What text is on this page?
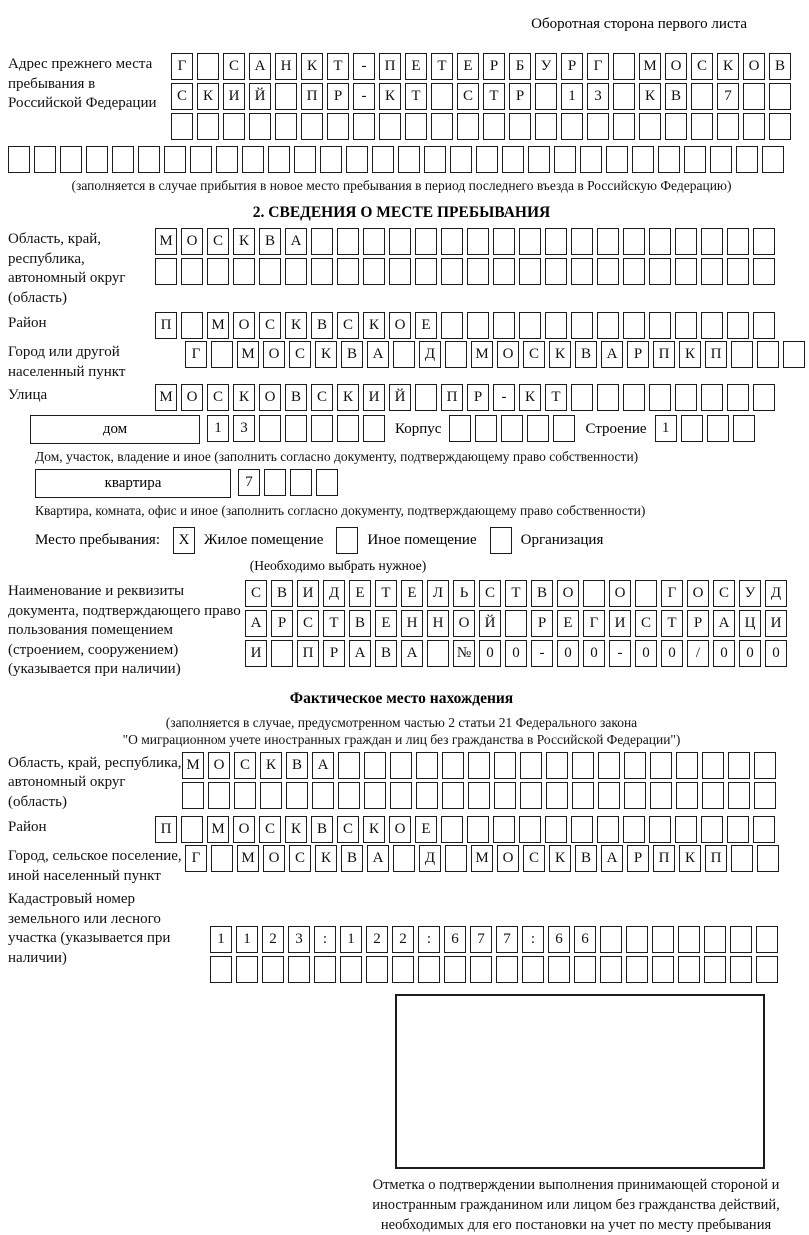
Оборотная сторона первого листа
Адрес прежнего места пребывания в Российской Федерации
Г	С	А	Н	К	Т	-	П	Е	Т	Е	Р	Б	У	Р	Г	М О	С	К	О	В
С	К	И	Й	П	Р	-	К	Т	С	Т	Р	1	3	К	В	7
(заполняется в случае прибытия в новое место пребывания в период последнего въезда в Российскую Федерацию)
2. СВЕДЕНИЯ О МЕСТЕ ПРЕБЫВАНИЯ
Область, край, республика, автономный округ (область)
М О	С	К	В	А
Район	П	М О	С	К	В	С	К	О	Е
Город или другой населенный пункт
Г	М О	С	К	В	А	Д	М О	С	К	В	А	Р	П	К	П
Улица	М О	С	К	О	В	С	К	И	Й	П	Р	-	К	Т
дом	1	3	Корпус	Строение	1
Дом, участок, владение и иное (заполнить согласно документу, подтверждающему право собственности)
квартира	7
Квартира, комната, офис и иное (заполнить согласно документу, подтверждающему право собственности)
Место пребывания:	X Жилое помещение	Иное помещение	Организация
(Необходимо выбрать нужное)
Наименование и реквизиты документа, подтверждающего право пользования помещением (строением, сооружением) (указывается при наличии)
С	В	И	Д	Е	Т	Е	Л	Ь	С	Т	В	О	О	Г	О	С	У	Д
А	Р	С	Т	В	Е	Н	Н	О	Й	Р	Е	Г	И	С	Т	Р	А	Ц	И
И	П	Р	А	В	А	№	0	0	-	0	0	-	0	0	/	0	0	0
Фактическое место нахождения
(заполняется в случае, предусмотренном частью 2 статьи 21 Федерального закона
"О миграционном учете иностранных граждан и лиц без гражданства в Российской Федерации")
Область, край, республика, автономный округ (область)
М О	С	К	В	А
Район	П	М О	С	К	В	С	К	О	Е
Город, сельское поселение, иной населенный пункт
Г	М О	С	К	В	А	Д	М О	С	К	В	А	Р	П	К	П
Кадастровый номер земельного или лесного участка (указывается при наличии)
1	1	2	3	:	1	2	2	:	6	7	7	:	6	6
Отметка о подтверждении выполнения принимающей стороной и иностранным гражданином или лицом без гражданства действий, необходимых для его постановки на учет по месту пребывания
